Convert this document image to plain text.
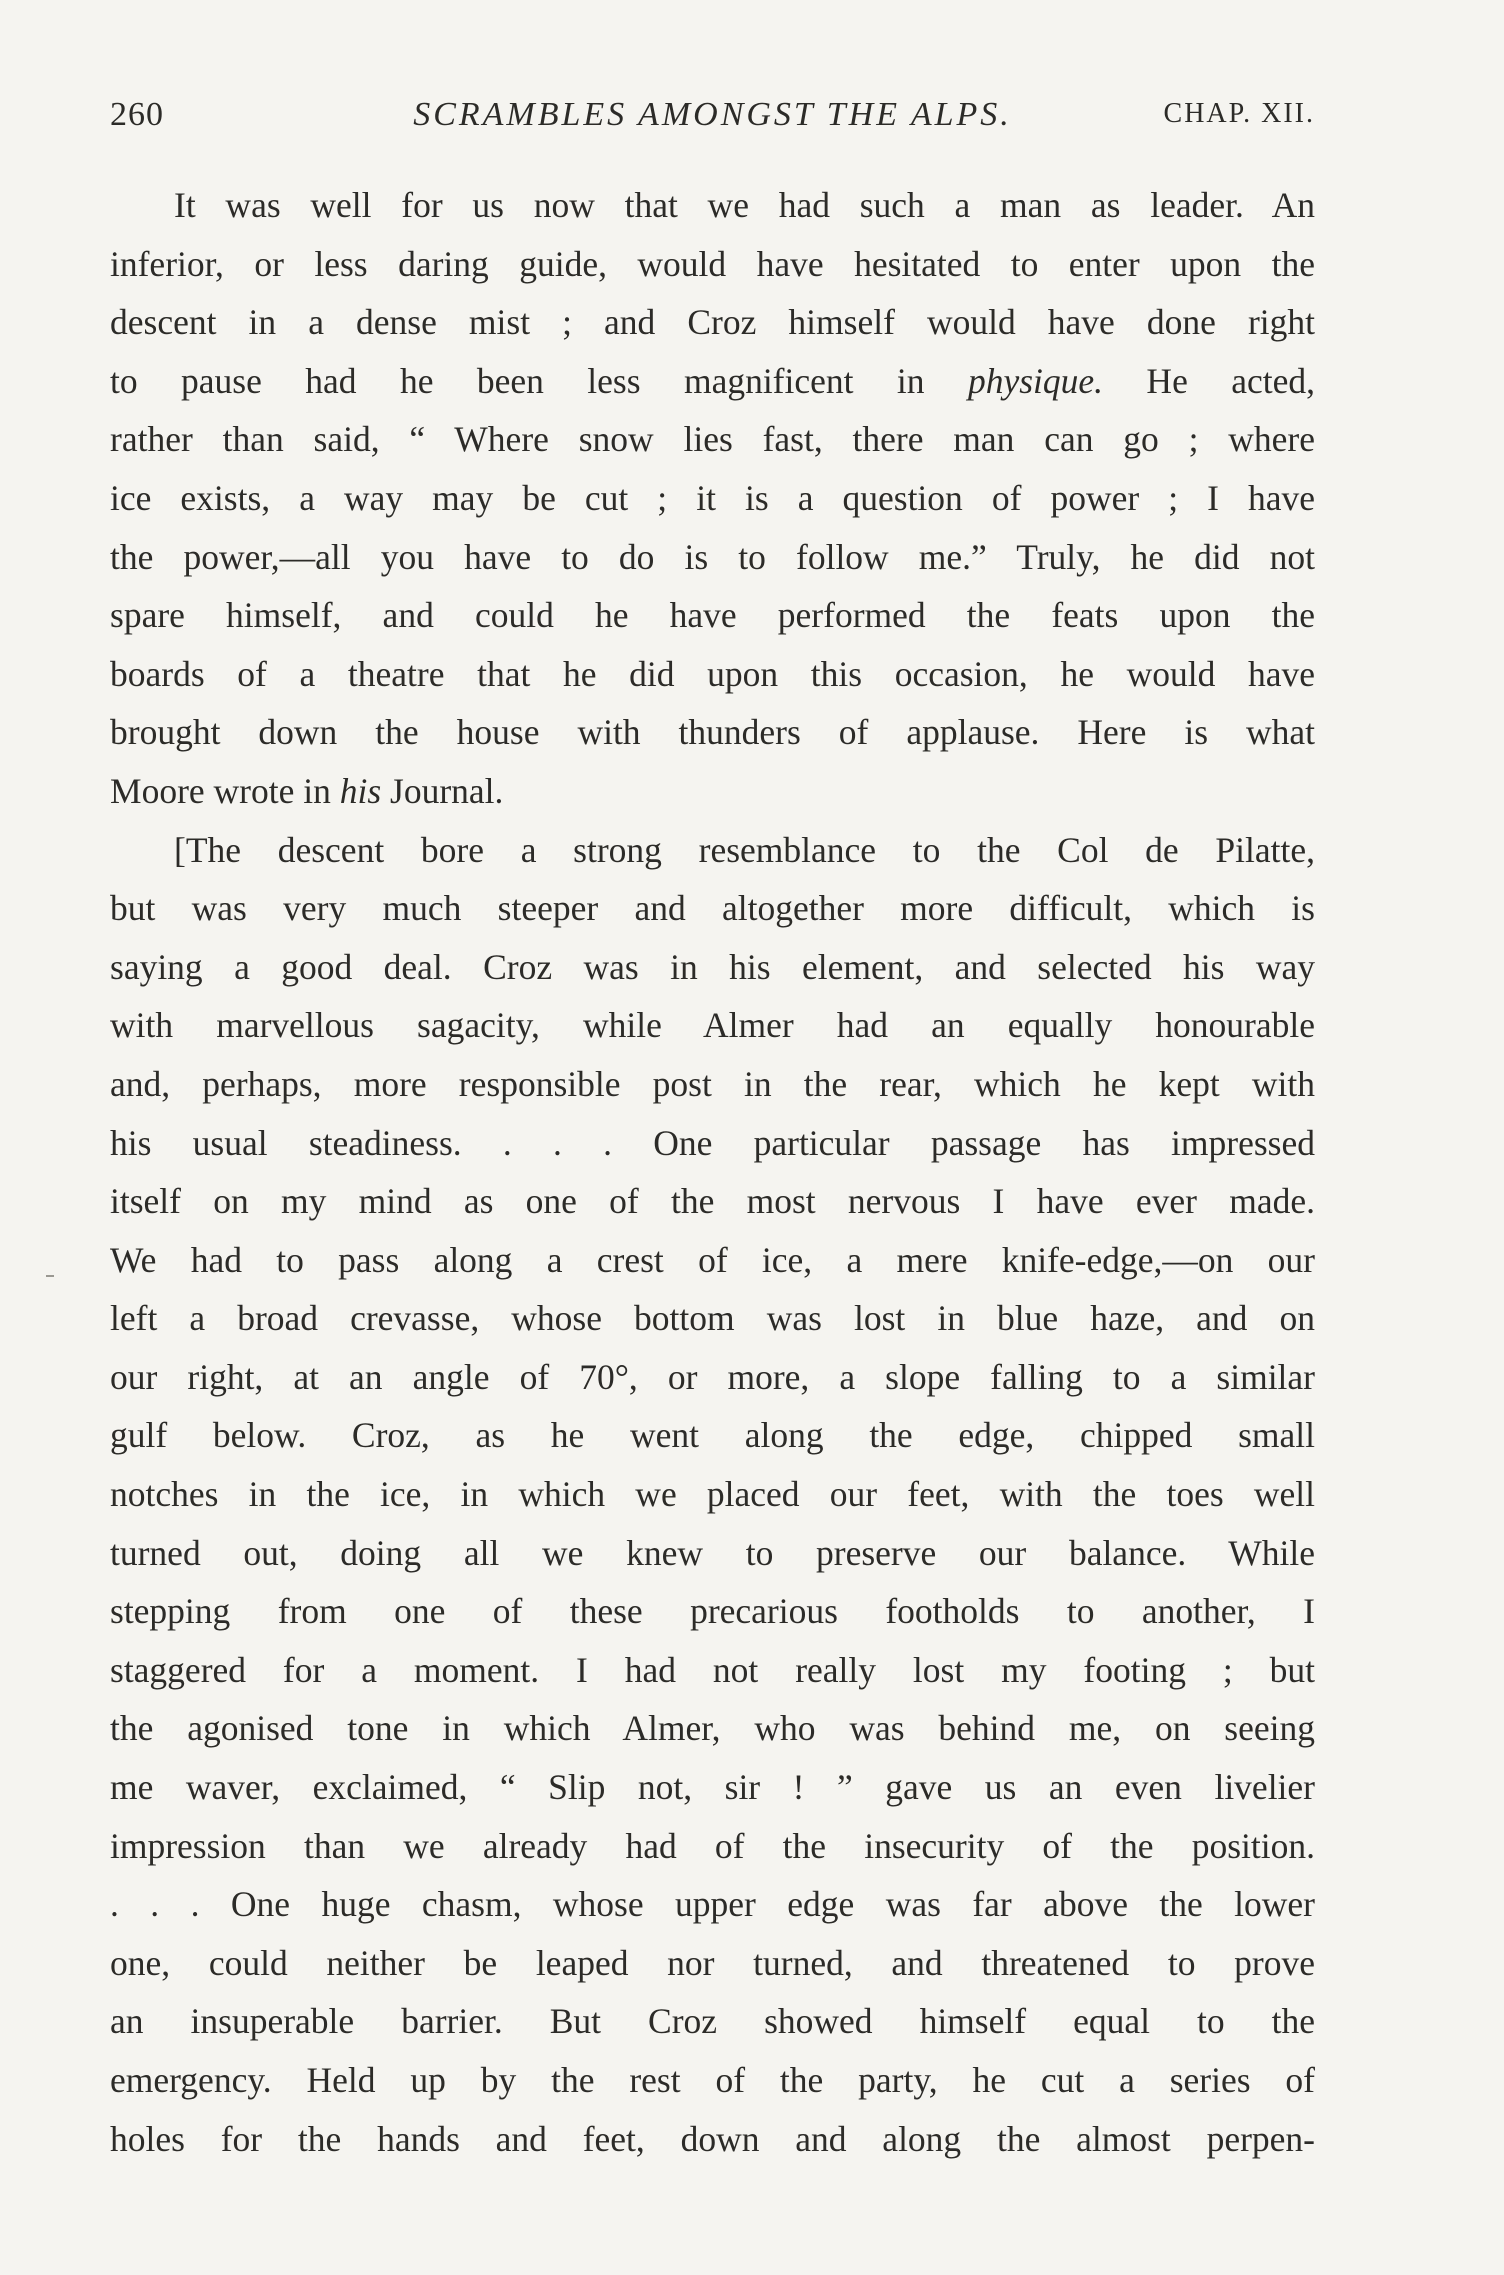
260	SCRAMBLES AMONGST THE ALPS.	CHAP. XII.
It was well for us now that we had such a man as leader. An
inferior, or less daring guide, would have hesitated to enter upon the
descent in a dense mist ; and Croz himself would have done right
to pause had he been less magnificent in physique. He acted,
rather than said, “ Where snow lies fast, there man can go ; where
ice exists, a way may be cut ; it is a question of power ; I have
the power,—all you have to do is to follow me.” Truly, he did not
spare himself, and could he have performed the feats upon the
boards of a theatre that he did upon this occasion, he would have
brought down the house with thunders of applause. Here is what
Moore wrote in his Journal.
[The descent bore a strong resemblance to the Col de Pilatte,
but was very much steeper and altogether more difficult, which is
saying a good deal. Croz was in his element, and selected his way
with marvellous sagacity, while Almer had an equally honourable
and, perhaps, more responsible post in the rear, which he kept with
his usual steadiness. . . . One particular passage has impressed
itself on my mind as one of the most nervous I have ever made.
We had to pass along a crest of ice, a mere knife-edge,—on our
left a broad crevasse, whose bottom was lost in blue haze, and on
our right, at an angle of 70°, or more, a slope falling to a similar
gulf below. Croz, as he went along the edge, chipped small
notches in the ice, in which we placed our feet, with the toes well
turned out, doing all we knew to preserve our balance. While
stepping from one of these precarious footholds to another, I
staggered for a moment. I had not really lost my footing ; but
the agonised tone in which Almer, who was behind me, on seeing
me waver, exclaimed, “ Slip not, sir ! ” gave us an even livelier
impression than we already had of the insecurity of the position.
. . . One huge chasm, whose upper edge was far above the lower
one, could neither be leaped nor turned, and threatened to prove
an insuperable barrier. But Croz showed himself equal to the
emergency. Held up by the rest of the party, he cut a series of
holes for the hands and feet, down and along the almost perpen-
